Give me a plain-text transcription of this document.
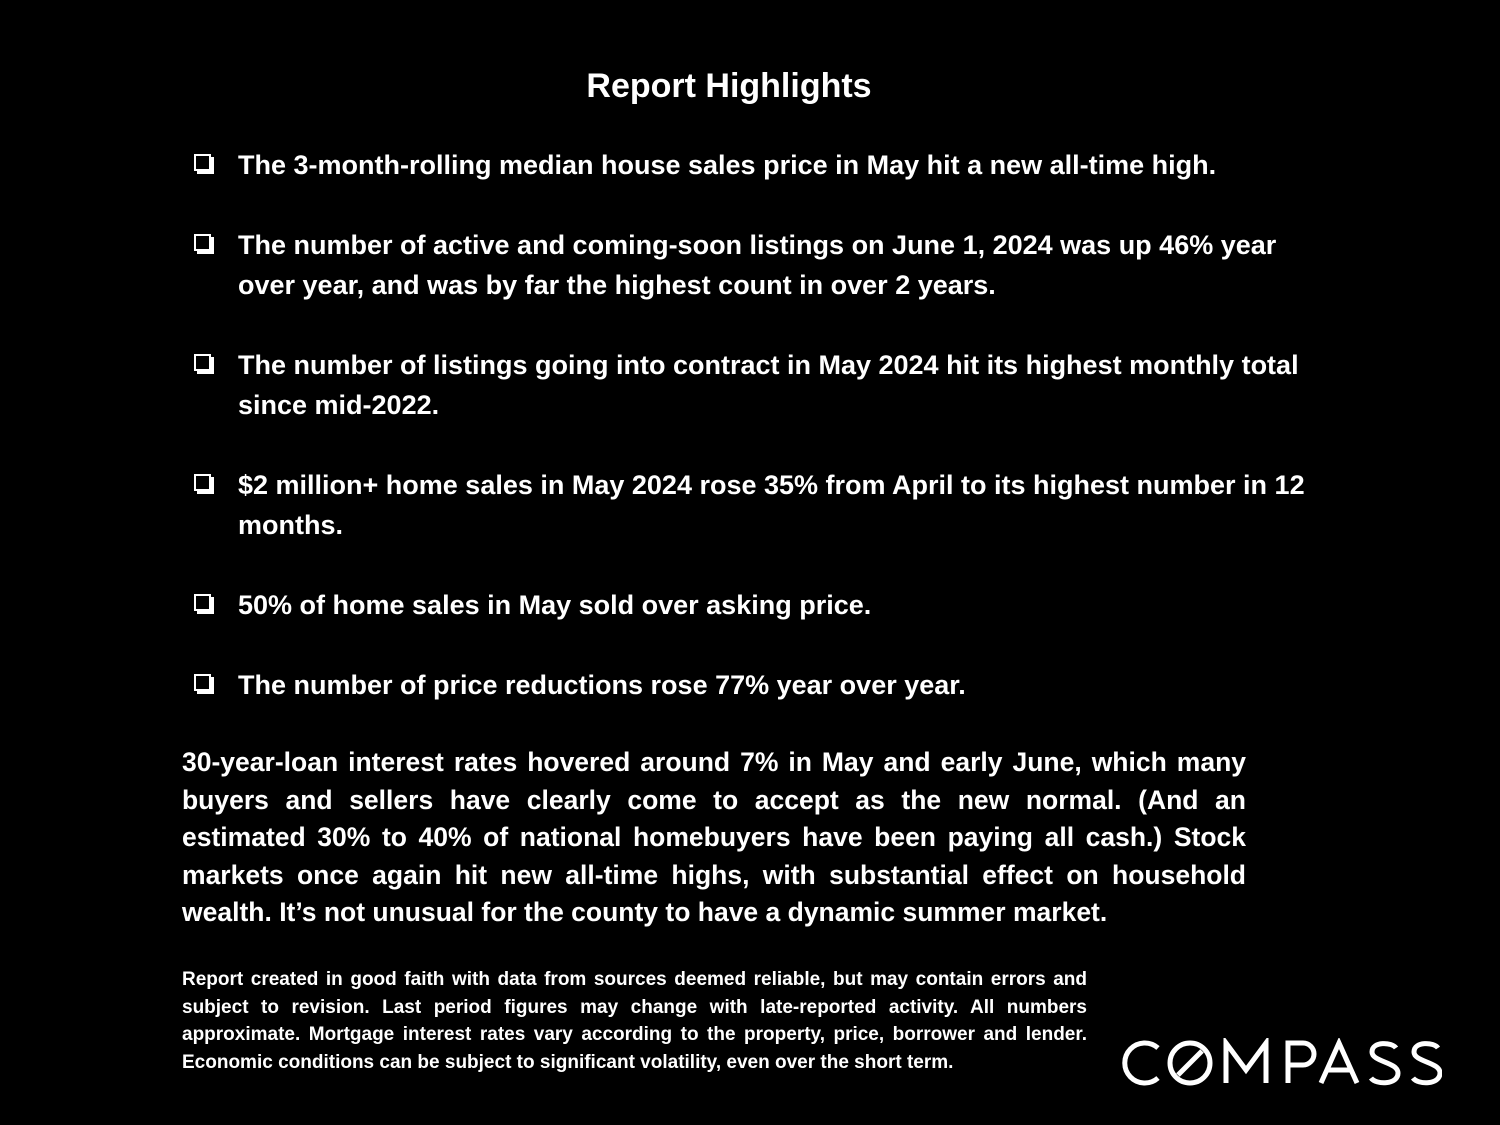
Report Highlights
The 3-month-rolling median house sales price in May hit a new all-time high.
The number of active and coming-soon listings on June 1, 2024 was up 46% year over year, and was by far the highest count in over 2 years.
The number of listings going into contract in May 2024 hit its highest monthly total since mid-2022.
$2 million+ home sales in May 2024 rose 35% from April to its highest number in 12 months.
50% of home sales in May sold over asking price.
The number of price reductions rose 77% year over year.
30-year-loan interest rates hovered around 7% in May and early June, which many buyers and sellers have clearly come to accept as the new normal. (And an estimated 30% to 40% of national homebuyers have been paying all cash.) Stock markets once again hit new all-time highs, with substantial effect on household wealth. It’s not unusual for the county to have a dynamic summer market.
Report created in good faith with data from sources deemed reliable, but may contain errors and subject to revision. Last period figures may change with late-reported activity. All numbers approximate. Mortgage interest rates vary according to the property, price, borrower and lender. Economic conditions can be subject to significant volatility, even over the short term.
